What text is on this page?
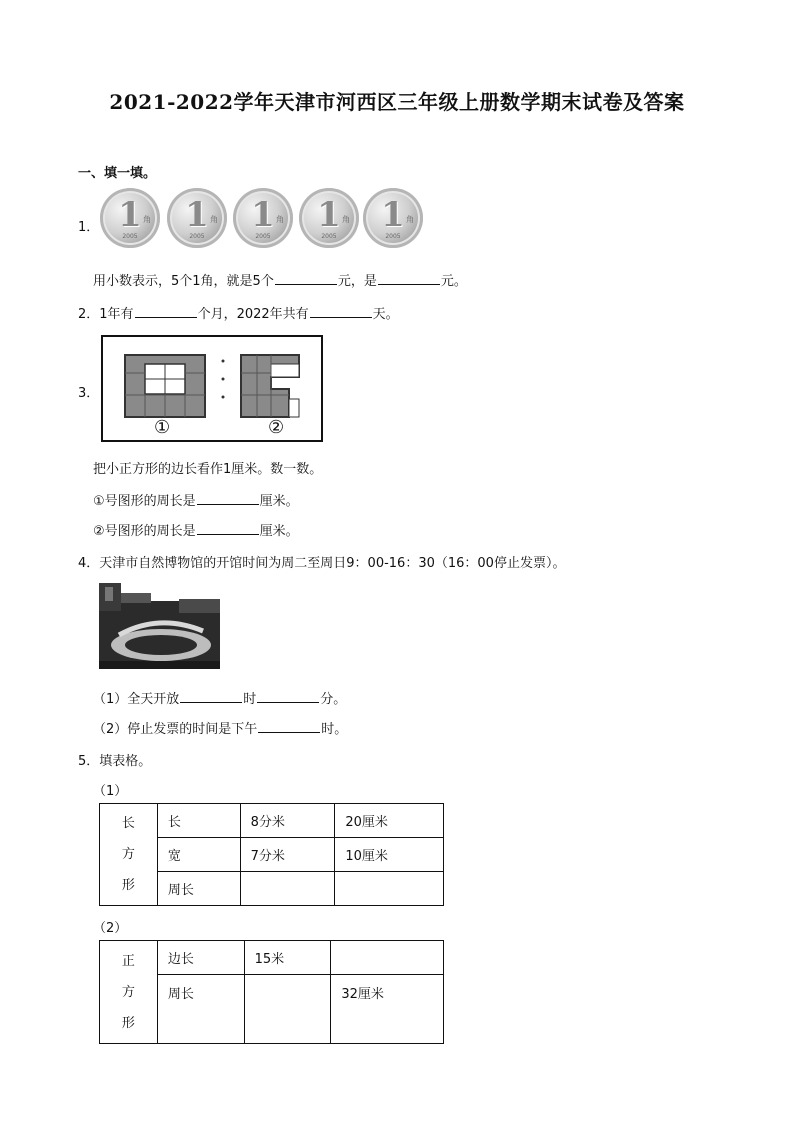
2021-2022学年天津市河西区三年级上册数学期末试卷及答案
一、填一填。
1． 1 角
2005
1 角
2005
1 角
2005
1 角
2005
1 角
2005
用小数表示，5个1角，就是5个	元，是	元。
2．1年有	个月，2022年共有	天。
3．
①	②
把小正方形的边长看作1厘米。数一数。
①号图形的周长是	厘米。
②号图形的周长是	厘米。
4．天津市自然博物馆的开馆时间为周二至周日9：00-16：30（16：00停止发票）。
（1）全天开放	时	分。
（2）停止发票的时间是下午	时。
5．填表格。
（1）
长
方
形	长	8分米	20厘米
	宽	7分米	10厘米
	周长		
（2）
正
方
形	边长	15米	
	周长		32厘米
